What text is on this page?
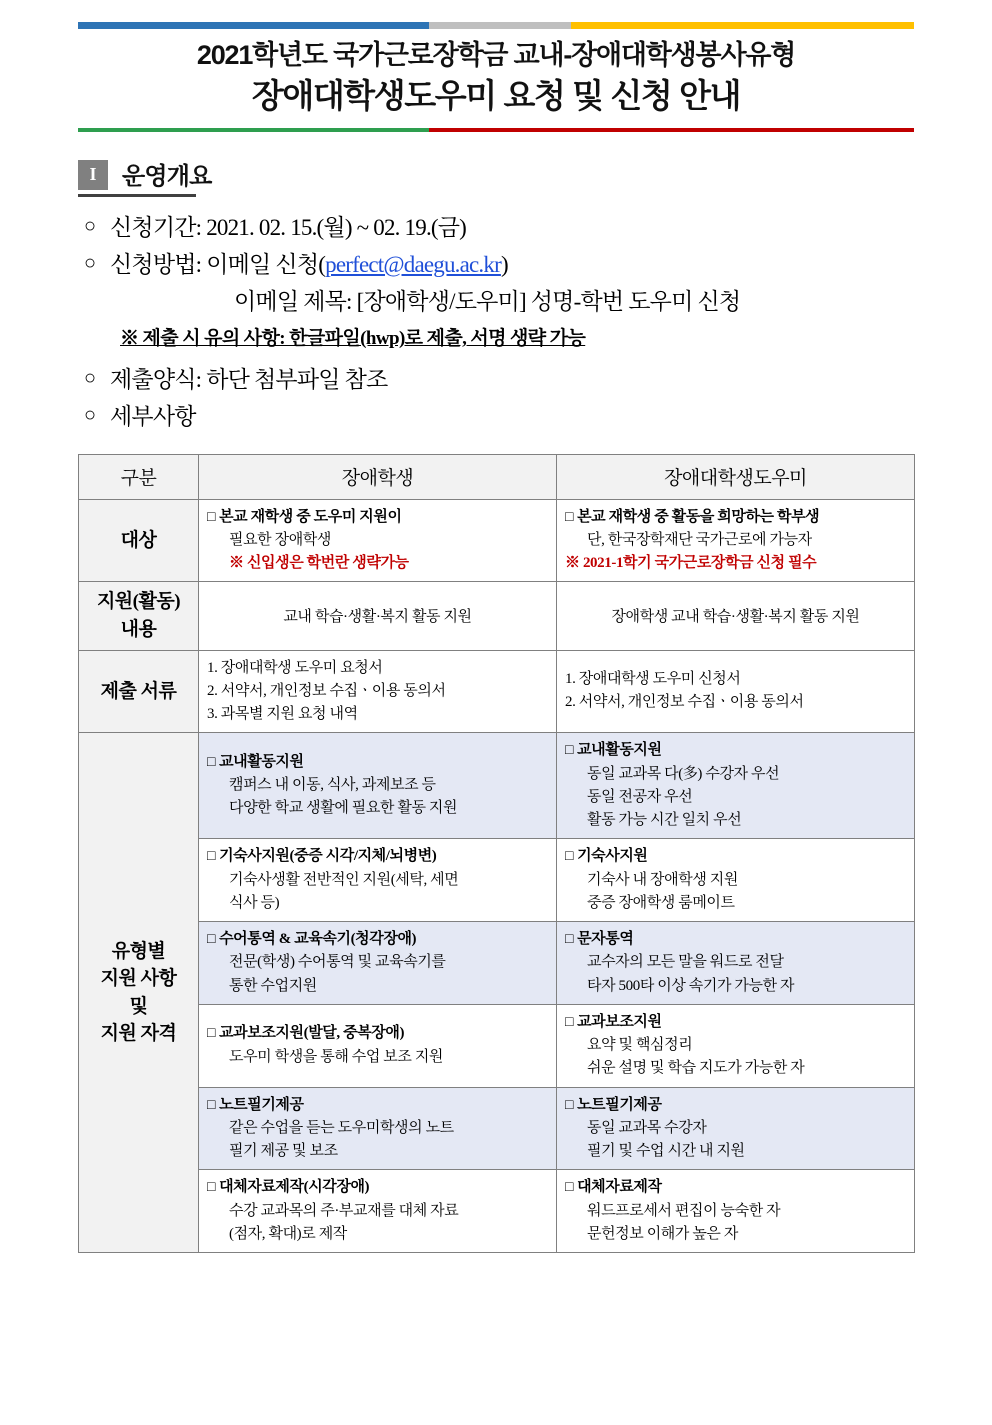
2021학년도 국가근로장학금 교내-장애대학생봉사유형
장애대학생도우미 요청 및 신청 안내
I	운영개요
○ 신청기간: 2021. 02. 15.(월) ~ 02. 19.(금)
○ 신청방법: 이메일 신청(perfect@daegu.ac.kr)
이메일 제목: [장애학생/도우미] 성명-학번 도우미 신청
※ 제출 시 유의 사항: 한글파일(hwp)로 제출, 서명 생략 가능
○ 제출양식: 하단 첨부파일 참조
○ 세부사항
구분	장애학생	장애대학생도우미
대상	□ 본교 재학생 중 도우미 지원이
필요한 장애학생
※ 신입생은 학번란 생략가능	□ 본교 재학생 중 활동을 희망하는 학부생
단, 한국장학재단 국가근로에 가능자
※ 2021-1학기 국가근로장학금 신청 필수

지원(활동)
내용	교내 학습·생활·복지 활동 지원	장애학생 교내 학습·생활·복지 활동 지원
제출 서류	1. 장애대학생 도우미 요청서
2. 서약서, 개인정보 수집ㆍ이용 동의서
3. 과목별 지원 요청 내역	1. 장애대학생 도우미 신청서
2. 서약서, 개인정보 수집ㆍ이용 동의서

유형별
지원 사항
및
지원 자격	□ 교내활동지원
캠퍼스 내 이동, 식사, 과제보조 등
다양한 학교 생활에 필요한 활동 지원	□ 교내활동지원
동일 교과목 다(多) 수강자 우선
동일 전공자 우선
활동 가능 시간 일치 우선

	□ 기숙사지원(중증 시각/지체/뇌병변)
기숙사생활 전반적인 지원(세탁, 세면
식사 등)	□ 기숙사지원
기숙사 내 장애학생 지원
중증 장애학생 룸메이트

	□ 수어통역 & 교육속기(청각장애)
전문(학생) 수어통역 및 교육속기를
통한 수업지원	□ 문자통역
교수자의 모든 말을 워드로 전달
타자 500타 이상 속기가 가능한 자

	□ 교과보조지원(발달, 중복장애)
도우미 학생을 통해 수업 보조 지원	□ 교과보조지원
요약 및 핵심정리
쉬운 설명 및 학습 지도가 가능한 자

	□ 노트필기제공
같은 수업을 듣는 도우미학생의 노트
필기 제공 및 보조	□ 노트필기제공
동일 교과목 수강자
필기 및 수업 시간 내 지원

	□ 대체자료제작(시각장애)
수강 교과목의 주·부교재를 대체 자료
(점자, 확대)로 제작	□ 대체자료제작
워드프로세서 편집이 능숙한 자
문헌정보 이해가 높은 자
